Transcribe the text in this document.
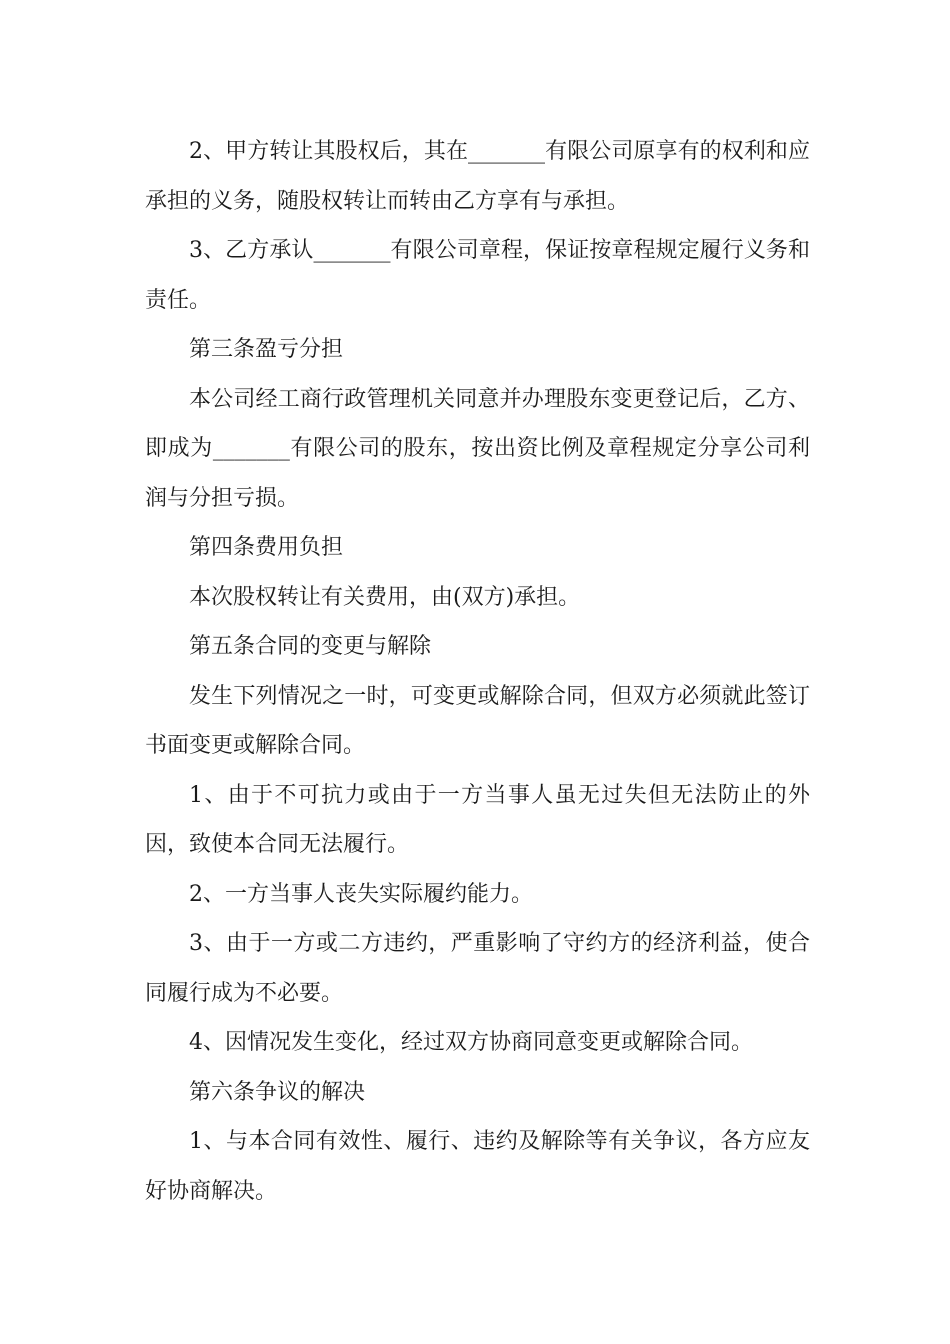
2、甲方转让其股权后，其在_______有限公司原享有的权利和应承担的义务，随股权转让而转由乙方享有与承担。

3、乙方承认_______有限公司章程，保证按章程规定履行义务和责任。

第三条盈亏分担

本公司经工商行政管理机关同意并办理股东变更登记后，乙方、即成为_______有限公司的股东，按出资比例及章程规定分享公司利润与分担亏损。

第四条费用负担

本次股权转让有关费用，由(双方)承担。

第五条合同的变更与解除

发生下列情况之一时，可变更或解除合同，但双方必须就此签订书面变更或解除合同。

1、由于不可抗力或由于一方当事人虽无过失但无法防止的外因，致使本合同无法履行。

2、一方当事人丧失实际履约能力。

3、由于一方或二方违约，严重影响了守约方的经济利益，使合同履行成为不必要。

4、因情况发生变化，经过双方协商同意变更或解除合同。

第六条争议的解决

1、与本合同有效性、履行、违约及解除等有关争议，各方应友好协商解决。
